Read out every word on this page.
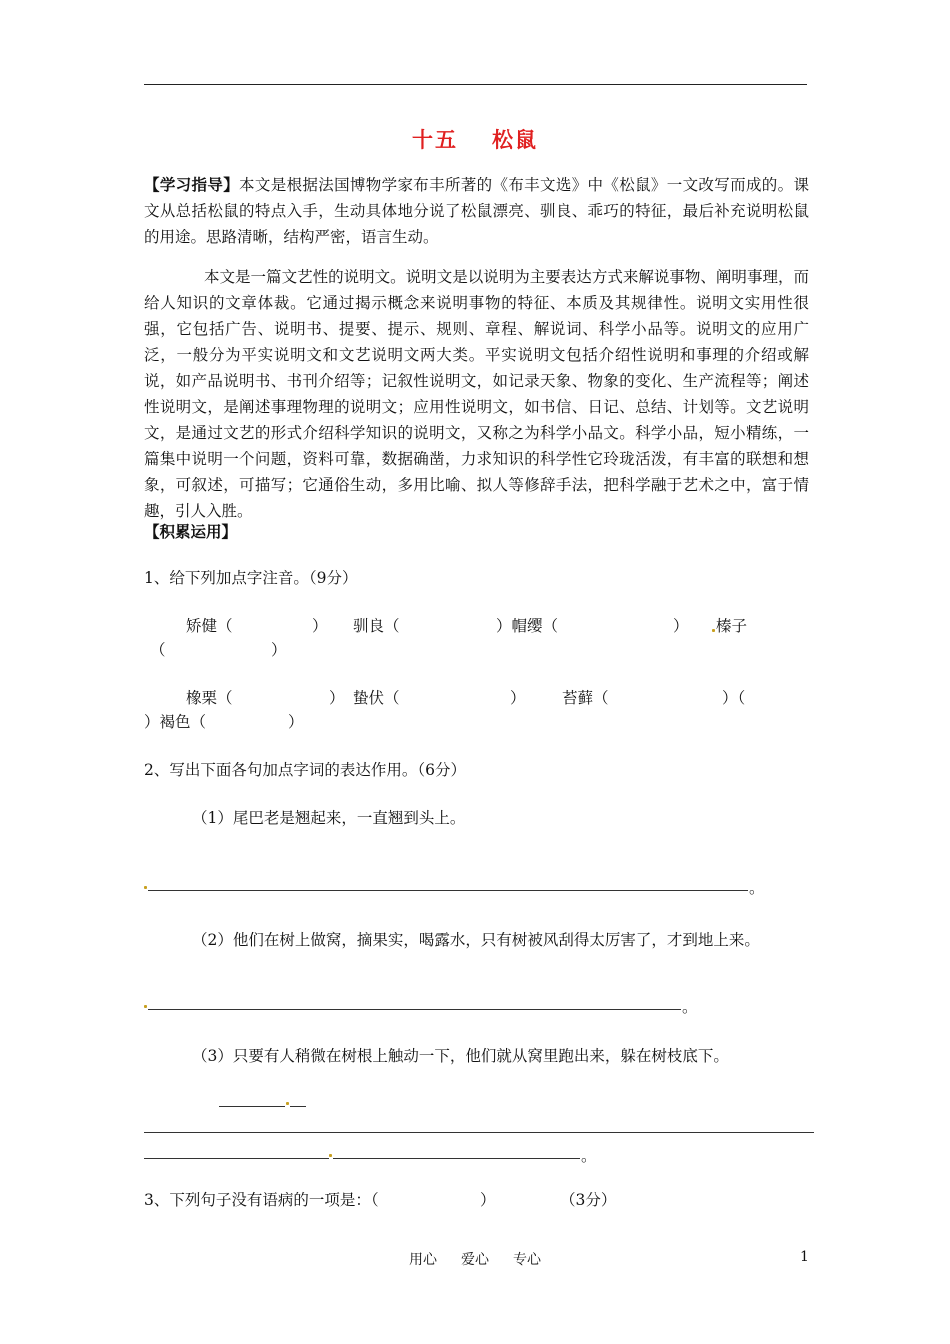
十五 松鼠

【学习指导】本文是根据法国博物学家布丰所著的《布丰文选》中《松鼠》一文改写而成的。课文从总括松鼠的特点入手，生动具体地分说了松鼠漂亮、驯良、乖巧的特征，最后补充说明松鼠的用途。思路清晰，结构严密，语言生动。

本文是一篇文艺性的说明文。说明文是以说明为主要表达方式来解说事物、阐明事理，而给人知识的文章体裁。它通过揭示概念来说明事物的特征、本质及其规律性。说明文实用性很强，它包括广告、说明书、提要、提示、规则、章程、解说词、科学小品等。说明文的应用广泛，一般分为平实说明文和文艺说明文两大类。平实说明文包括介绍性说明和事理的介绍或解说，如产品说明书、书刊介绍等；记叙性说明文，如记录天象、物象的变化、生产流程等；阐述性说明文，是阐述事理物理的说明文；应用性说明文，如书信、日记、总结、计划等。文艺说明文，是通过文艺的形式介绍科学知识的说明文，又称之为科学小品文。科学小品，短小精练，一篇集中说明一个问题，资料可靠，数据确凿，力求知识的科学性它玲珑活泼，有丰富的联想和想象，可叙述，可描写；它通俗生动，多用比喻、拟人等修辞手法，把科学融于艺术之中，富于情趣，引人入胜。

【积累运用】
1、给下列加点字注音。（9分）
矫健（	） 驯良（	）帽缨（	） 榛子
（	）
橡栗（	） 蛰伏（	） 苔藓（	）（
）褐色（	）
2、写出下面各句加点字词的表达作用。（6分）
（1）尾巴老是翘起来，一直翘到头上。
。
（2）他们在树上做窝，摘果实，喝露水，只有树被风刮得太厉害了，才到地上来。
。
（3）只要有人稍微在树根上触动一下，他们就从窝里跑出来，躲在树枝底下。
。
3、下列句子没有语病的一项是：（	）	（3分）
用心 爱心 专心	1
